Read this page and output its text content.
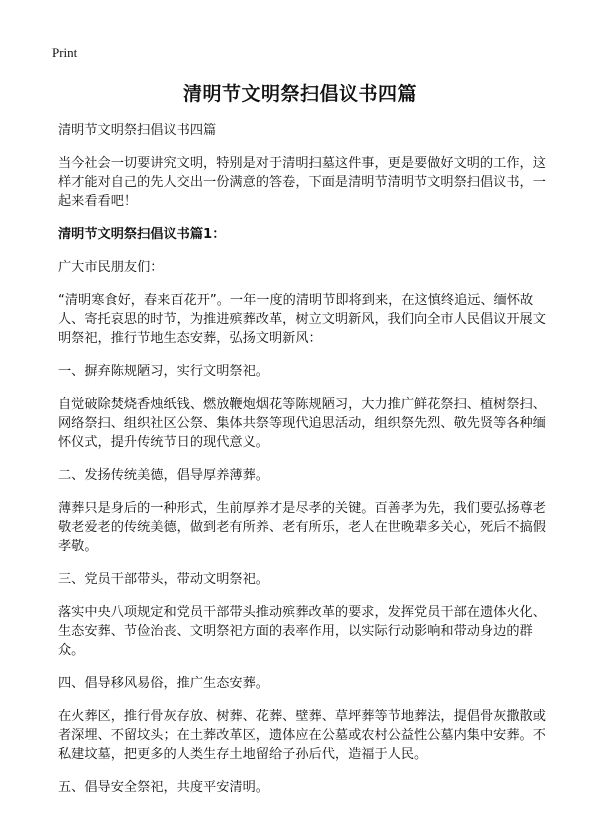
Print
清明节文明祭扫倡议书四篇

清明节文明祭扫倡议书四篇

当今社会一切要讲究文明，特别是对于清明扫墓这件事，更是要做好文明的工作，这样才能对自己的先人交出一份满意的答卷，下面是清明节清明节文明祭扫倡议书，一起来看看吧！

清明节文明祭扫倡议书篇1：

广大市民朋友们：

“清明寒食好，春来百花开”。一年一度的清明节即将到来，在这慎终追远、缅怀故人、寄托哀思的时节，为推进殡葬改革，树立文明新风，我们向全市人民倡议开展文明祭祀，推行节地生态安葬，弘扬文明新风：

一、摒弃陈规陋习，实行文明祭祀。

自觉破除焚烧香烛纸钱、燃放鞭炮烟花等陈规陋习，大力推广鲜花祭扫、植树祭扫、网络祭扫、组织社区公祭、集体共祭等现代追思活动，组织祭先烈、敬先贤等各种缅怀仪式，提升传统节日的现代意义。

二、发扬传统美德，倡导厚养薄葬。

薄葬只是身后的一种形式，生前厚养才是尽孝的关键。百善孝为先，我们要弘扬尊老敬老爱老的传统美德，做到老有所养、老有所乐，老人在世晚辈多关心，死后不搞假孝敬。

三、党员干部带头，带动文明祭祀。

落实中央八项规定和党员干部带头推动殡葬改革的要求，发挥党员干部在遗体火化、生态安葬、节俭治丧、文明祭祀方面的表率作用，以实际行动影响和带动身边的群众。

四、倡导移风易俗，推广生态安葬。

在火葬区，推行骨灰存放、树葬、花葬、壁葬、草坪葬等节地葬法，提倡骨灰撒散或者深埋、不留坟头；在土葬改革区，遗体应在公墓或农村公益性公墓内集中安葬。不私建坟墓，把更多的人类生存土地留给子孙后代，造福于人民。

五、倡导安全祭祀，共度平安清明。
